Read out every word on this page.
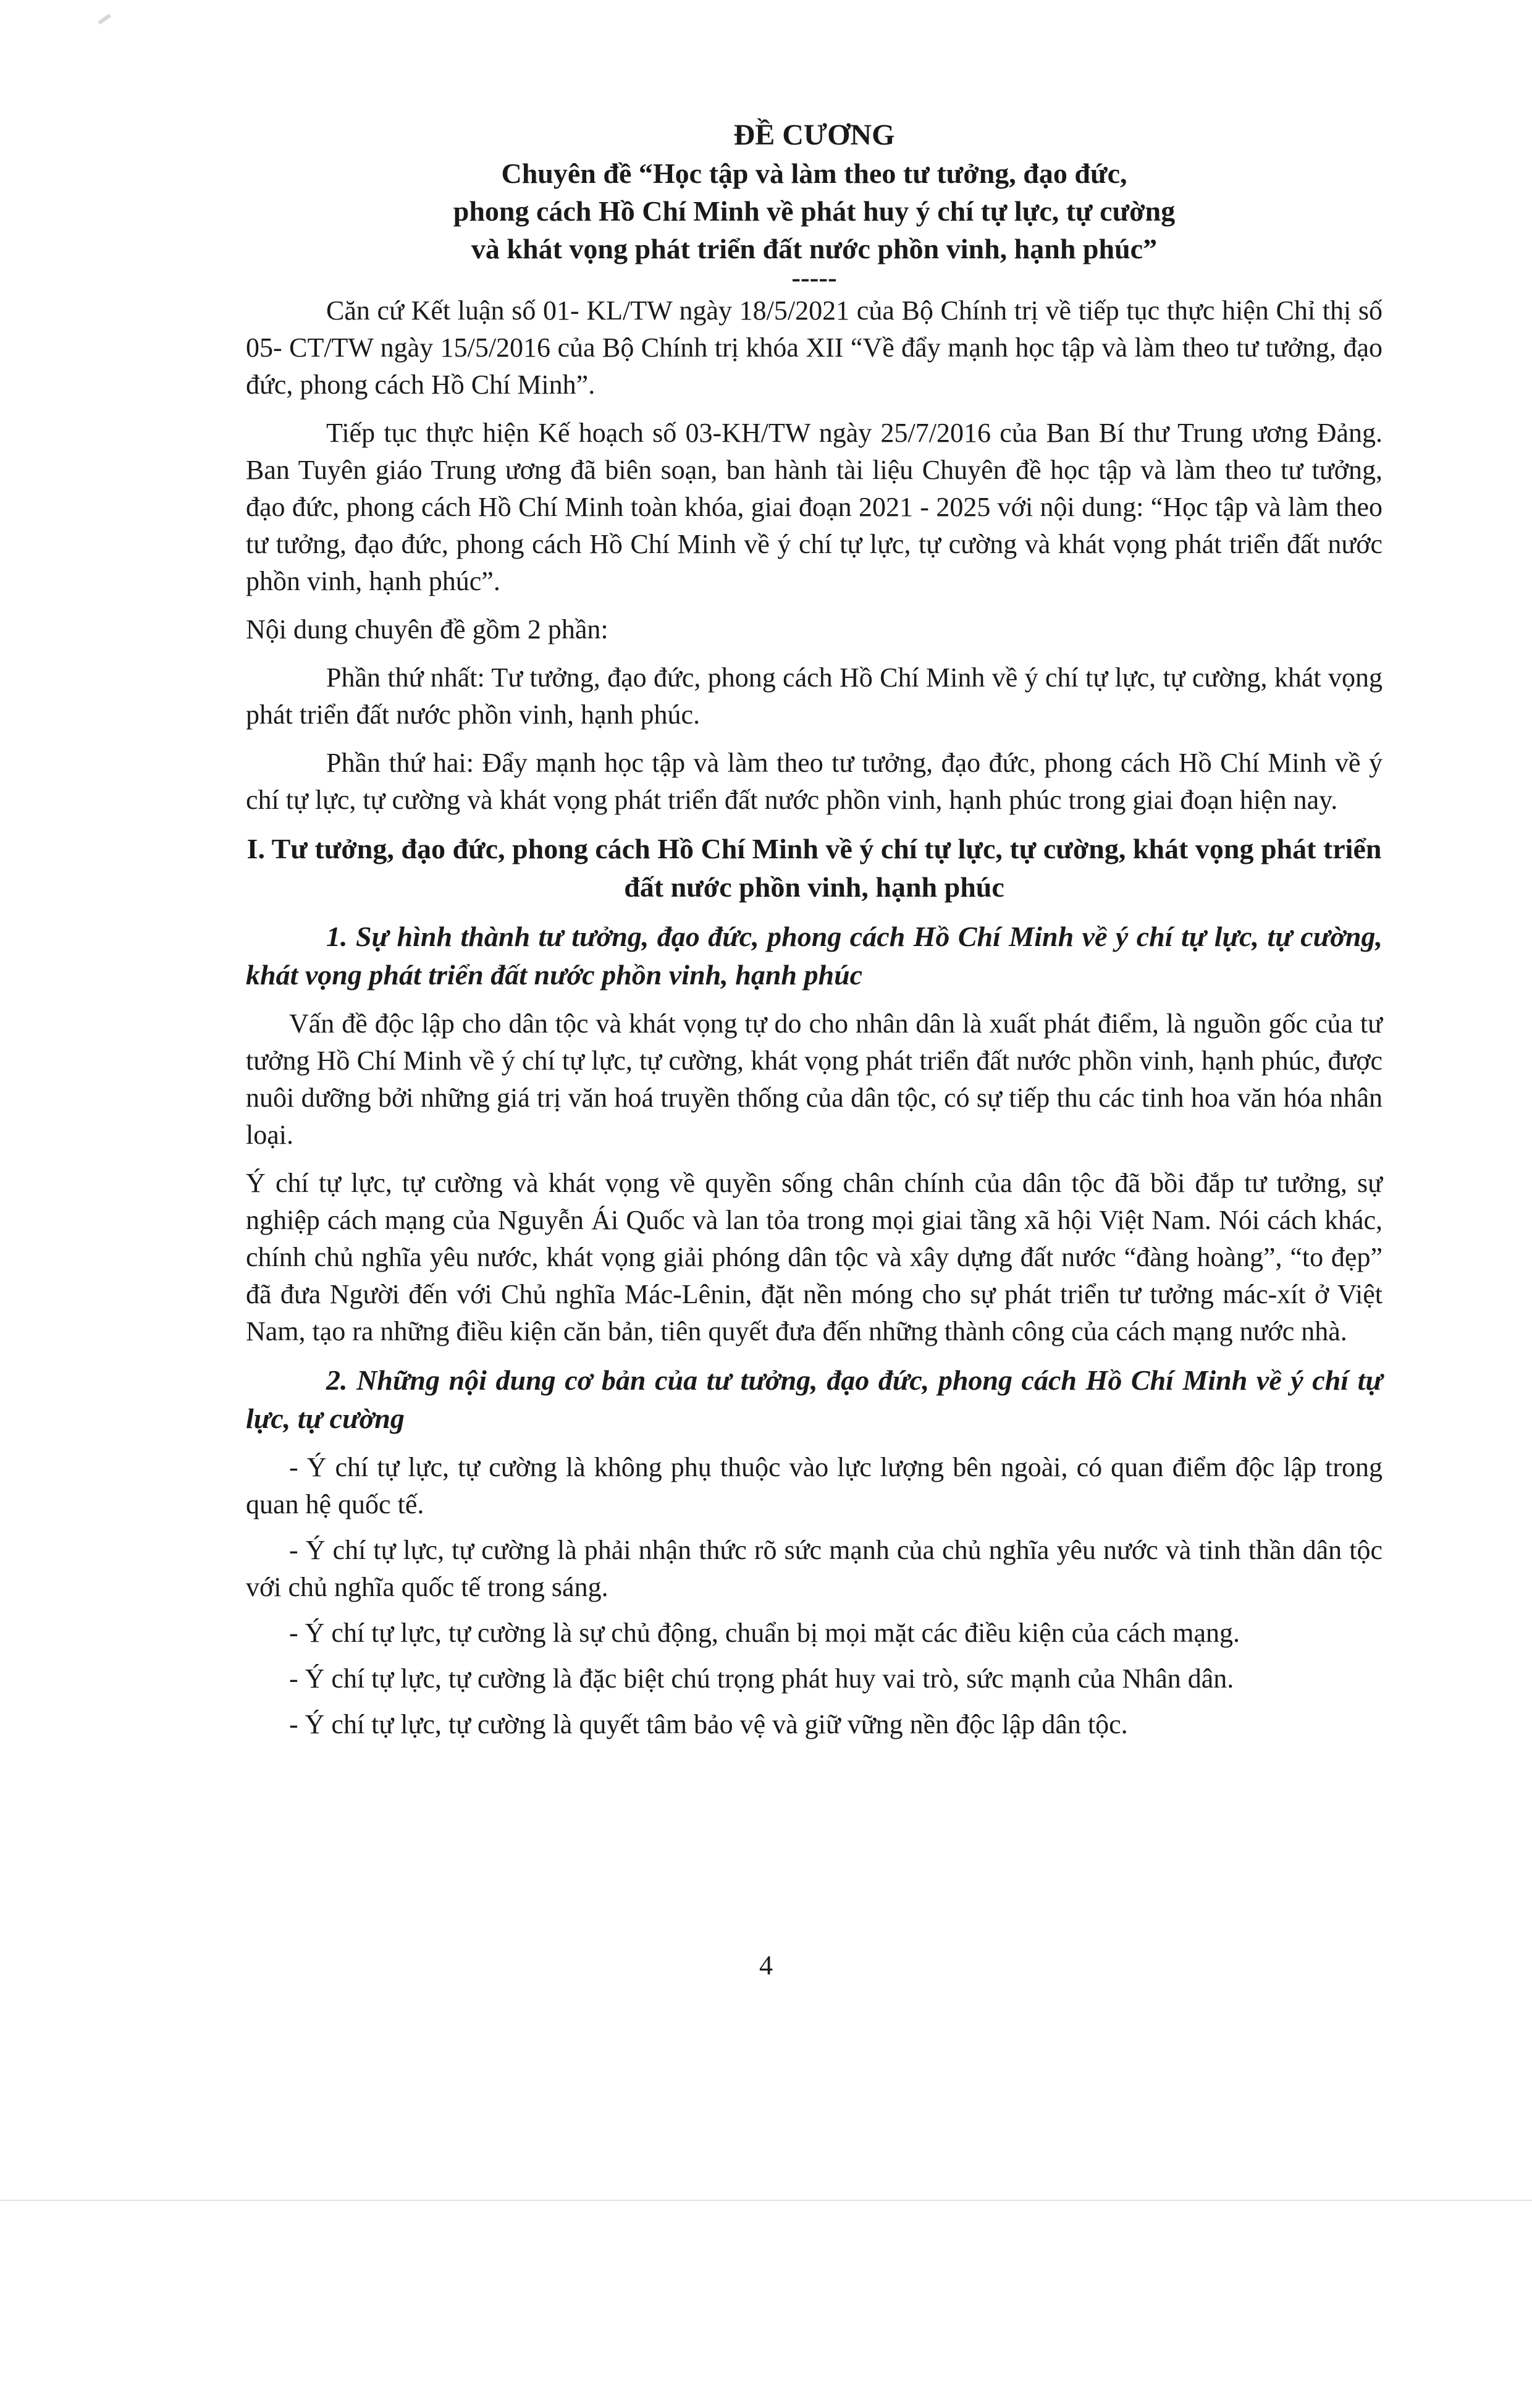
ĐỀ CƯƠNG
Chuyên đề “Học tập và làm theo tư tưởng, đạo đức,
phong cách Hồ Chí Minh về phát huy ý chí tự lực, tự cường
và khát vọng phát triển đất nước phồn vinh, hạnh phúc”
-----

Căn cứ Kết luận số 01- KL/TW ngày 18/5/2021 của Bộ Chính trị về tiếp tục thực hiện Chỉ thị số 05- CT/TW ngày 15/5/2016 của Bộ Chính trị khóa XII “Về đẩy mạnh học tập và làm theo tư tưởng, đạo đức, phong cách Hồ Chí Minh”.

Tiếp tục thực hiện Kế hoạch số 03-KH/TW ngày 25/7/2016 của Ban Bí thư Trung ương Đảng. Ban Tuyên giáo Trung ương đã biên soạn, ban hành tài liệu Chuyên đề học tập và làm theo tư tưởng, đạo đức, phong cách Hồ Chí Minh toàn khóa, giai đoạn 2021 - 2025 với nội dung: “Học tập và làm theo tư tưởng, đạo đức, phong cách Hồ Chí Minh về ý chí tự lực, tự cường và khát vọng phát triển đất nước phồn vinh, hạnh phúc”.

Nội dung chuyên đề gồm 2 phần:

Phần thứ nhất: Tư tưởng, đạo đức, phong cách Hồ Chí Minh về ý chí tự lực, tự cường, khát vọng phát triển đất nước phồn vinh, hạnh phúc.

Phần thứ hai: Đẩy mạnh học tập và làm theo tư tưởng, đạo đức, phong cách Hồ Chí Minh về ý chí tự lực, tự cường và khát vọng phát triển đất nước phồn vinh, hạnh phúc trong giai đoạn hiện nay.

I. Tư tưởng, đạo đức, phong cách Hồ Chí Minh về ý chí tự lực, tự cường, khát vọng phát triển đất nước phồn vinh, hạnh phúc

1. Sự hình thành tư tưởng, đạo đức, phong cách Hồ Chí Minh về ý chí tự lực, tự cường, khát vọng phát triển đất nước phồn vinh, hạnh phúc

Vấn đề độc lập cho dân tộc và khát vọng tự do cho nhân dân là xuất phát điểm, là nguồn gốc của tư tưởng Hồ Chí Minh về ý chí tự lực, tự cường, khát vọng phát triển đất nước phồn vinh, hạnh phúc, được nuôi dưỡng bởi những giá trị văn hoá truyền thống của dân tộc, có sự tiếp thu các tinh hoa văn hóa nhân loại.

Ý chí tự lực, tự cường và khát vọng về quyền sống chân chính của dân tộc đã bồi đắp tư tưởng, sự nghiệp cách mạng của Nguyễn Ái Quốc và lan tỏa trong mọi giai tầng xã hội Việt Nam. Nói cách khác, chính chủ nghĩa yêu nước, khát vọng giải phóng dân tộc và xây dựng đất nước “đàng hoàng”, “to đẹp” đã đưa Người đến với Chủ nghĩa Mác-Lênin, đặt nền móng cho sự phát triển tư tưởng mác-xít ở Việt Nam, tạo ra những điều kiện căn bản, tiên quyết đưa đến những thành công của cách mạng nước nhà.

2. Những nội dung cơ bản của tư tưởng, đạo đức, phong cách Hồ Chí Minh về ý chí tự lực, tự cường

- Ý chí tự lực, tự cường là không phụ thuộc vào lực lượng bên ngoài, có quan điểm độc lập trong quan hệ quốc tế.

- Ý chí tự lực, tự cường là phải nhận thức rõ sức mạnh của chủ nghĩa yêu nước và tinh thần dân tộc với chủ nghĩa quốc tế trong sáng.

- Ý chí tự lực, tự cường là sự chủ động, chuẩn bị mọi mặt các điều kiện của cách mạng.

- Ý chí tự lực, tự cường là đặc biệt chú trọng phát huy vai trò, sức mạnh của Nhân dân.

- Ý chí tự lực, tự cường là quyết tâm bảo vệ và giữ vững nền độc lập dân tộc.

4
